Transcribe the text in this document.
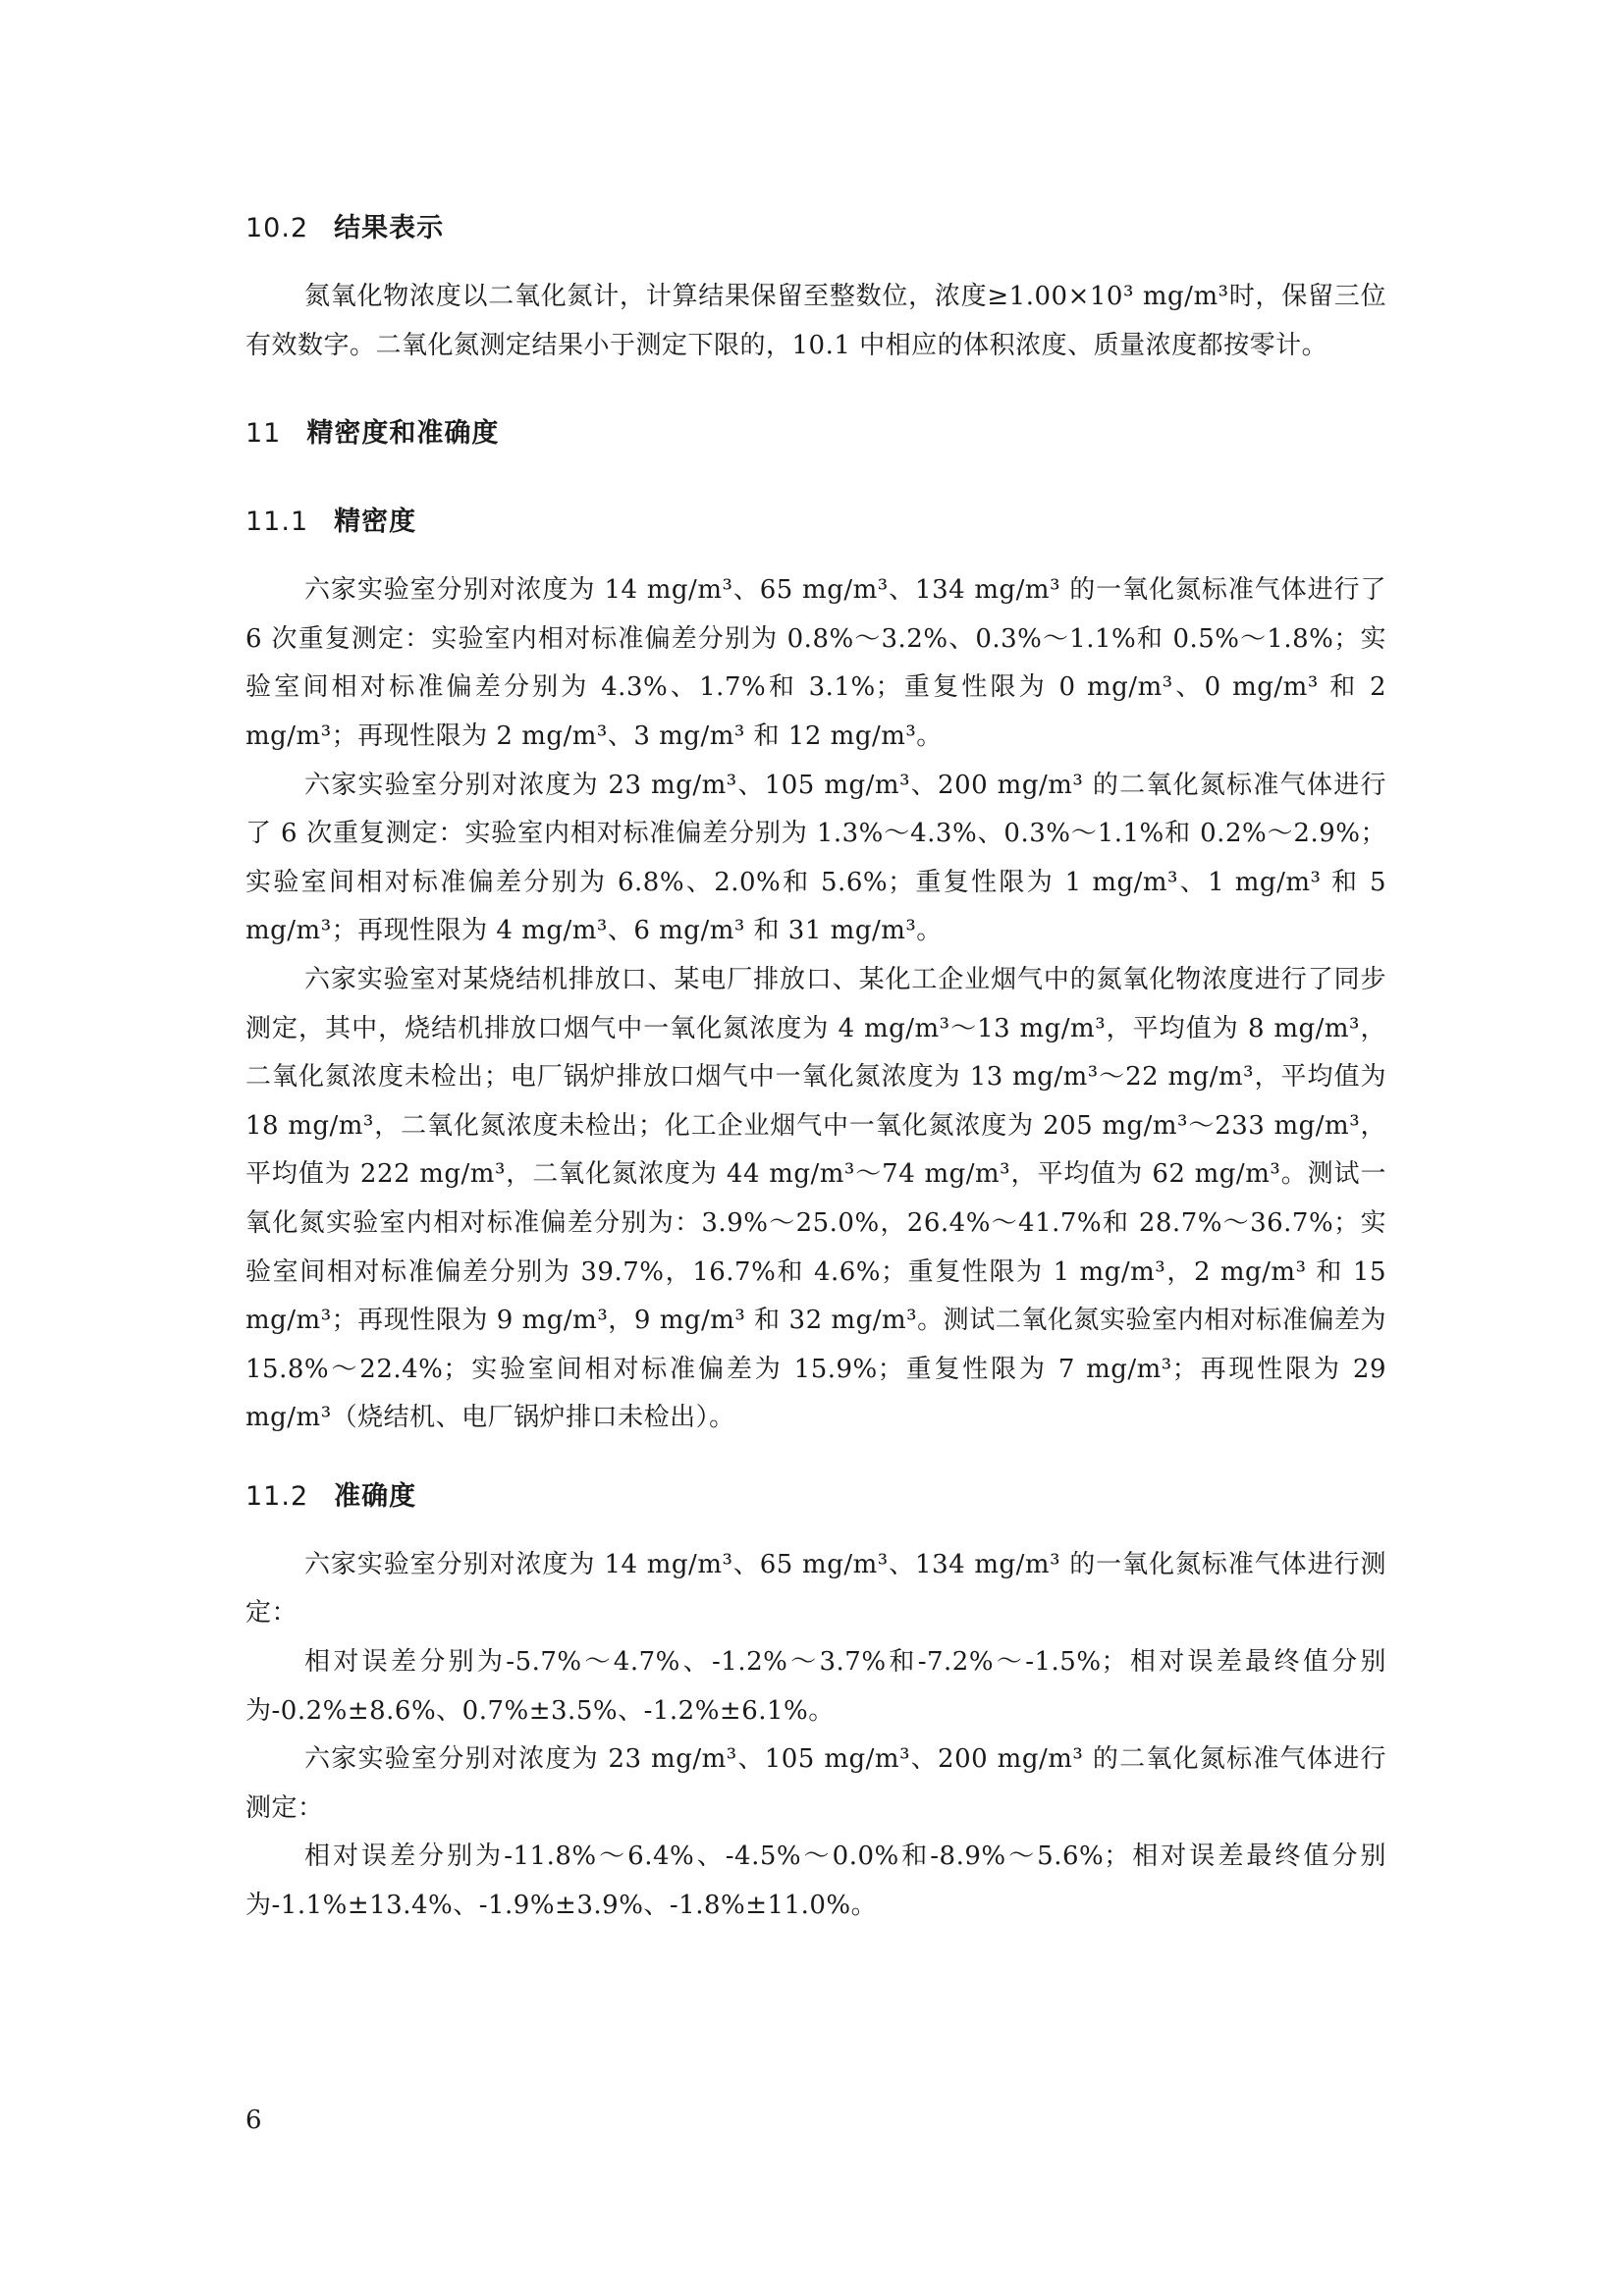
10.2 结果表示

氮氧化物浓度以二氧化氮计，计算结果保留至整数位，浓度≥1.00×10³ mg/m³时，保留三位有效数字。二氧化氮测定结果小于测定下限的，10.1 中相应的体积浓度、质量浓度都按零计。

11 精密度和准确度
11.1 精密度

六家实验室分别对浓度为 14 mg/m³、65 mg/m³、134 mg/m³ 的一氧化氮标准气体进行了 6 次重复测定：实验室内相对标准偏差分别为 0.8%～3.2%、0.3%～1.1%和 0.5%～1.8%；实验室间相对标准偏差分别为 4.3%、1.7%和 3.1%；重复性限为 0 mg/m³、0 mg/m³ 和 2 mg/m³；再现性限为 2 mg/m³、3 mg/m³ 和 12 mg/m³。

六家实验室分别对浓度为 23 mg/m³、105 mg/m³、200 mg/m³ 的二氧化氮标准气体进行了 6 次重复测定：实验室内相对标准偏差分别为 1.3%～4.3%、0.3%～1.1%和 0.2%～2.9%；实验室间相对标准偏差分别为 6.8%、2.0%和 5.6%；重复性限为 1 mg/m³、1 mg/m³ 和 5 mg/m³；再现性限为 4 mg/m³、6 mg/m³ 和 31 mg/m³。

六家实验室对某烧结机排放口、某电厂排放口、某化工企业烟气中的氮氧化物浓度进行了同步测定，其中，烧结机排放口烟气中一氧化氮浓度为 4 mg/m³～13 mg/m³，平均值为 8 mg/m³，二氧化氮浓度未检出；电厂锅炉排放口烟气中一氧化氮浓度为 13 mg/m³～22 mg/m³，平均值为 18 mg/m³，二氧化氮浓度未检出；化工企业烟气中一氧化氮浓度为 205 mg/m³～233 mg/m³，平均值为 222 mg/m³，二氧化氮浓度为 44 mg/m³～74 mg/m³，平均值为 62 mg/m³。测试一氧化氮实验室内相对标准偏差分别为：3.9%～25.0%，26.4%～41.7%和 28.7%～36.7%；实验室间相对标准偏差分别为 39.7%，16.7%和 4.6%；重复性限为 1 mg/m³，2 mg/m³ 和 15 mg/m³；再现性限为 9 mg/m³，9 mg/m³ 和 32 mg/m³。测试二氧化氮实验室内相对标准偏差为 15.8%～22.4%；实验室间相对标准偏差为 15.9%；重复性限为 7 mg/m³；再现性限为 29 mg/m³（烧结机、电厂锅炉排口未检出）。

11.2 准确度

六家实验室分别对浓度为 14 mg/m³、65 mg/m³、134 mg/m³ 的一氧化氮标准气体进行测定：

相对误差分别为-5.7%～4.7%、-1.2%～3.7%和-7.2%～-1.5%；相对误差最终值分别为-0.2%±8.6%、0.7%±3.5%、-1.2%±6.1%。

六家实验室分别对浓度为 23 mg/m³、105 mg/m³、200 mg/m³ 的二氧化氮标准气体进行测定：

相对误差分别为-11.8%～6.4%、-4.5%～0.0%和-8.9%～5.6%；相对误差最终值分别为-1.1%±13.4%、-1.9%±3.9%、-1.8%±11.0%。

6
